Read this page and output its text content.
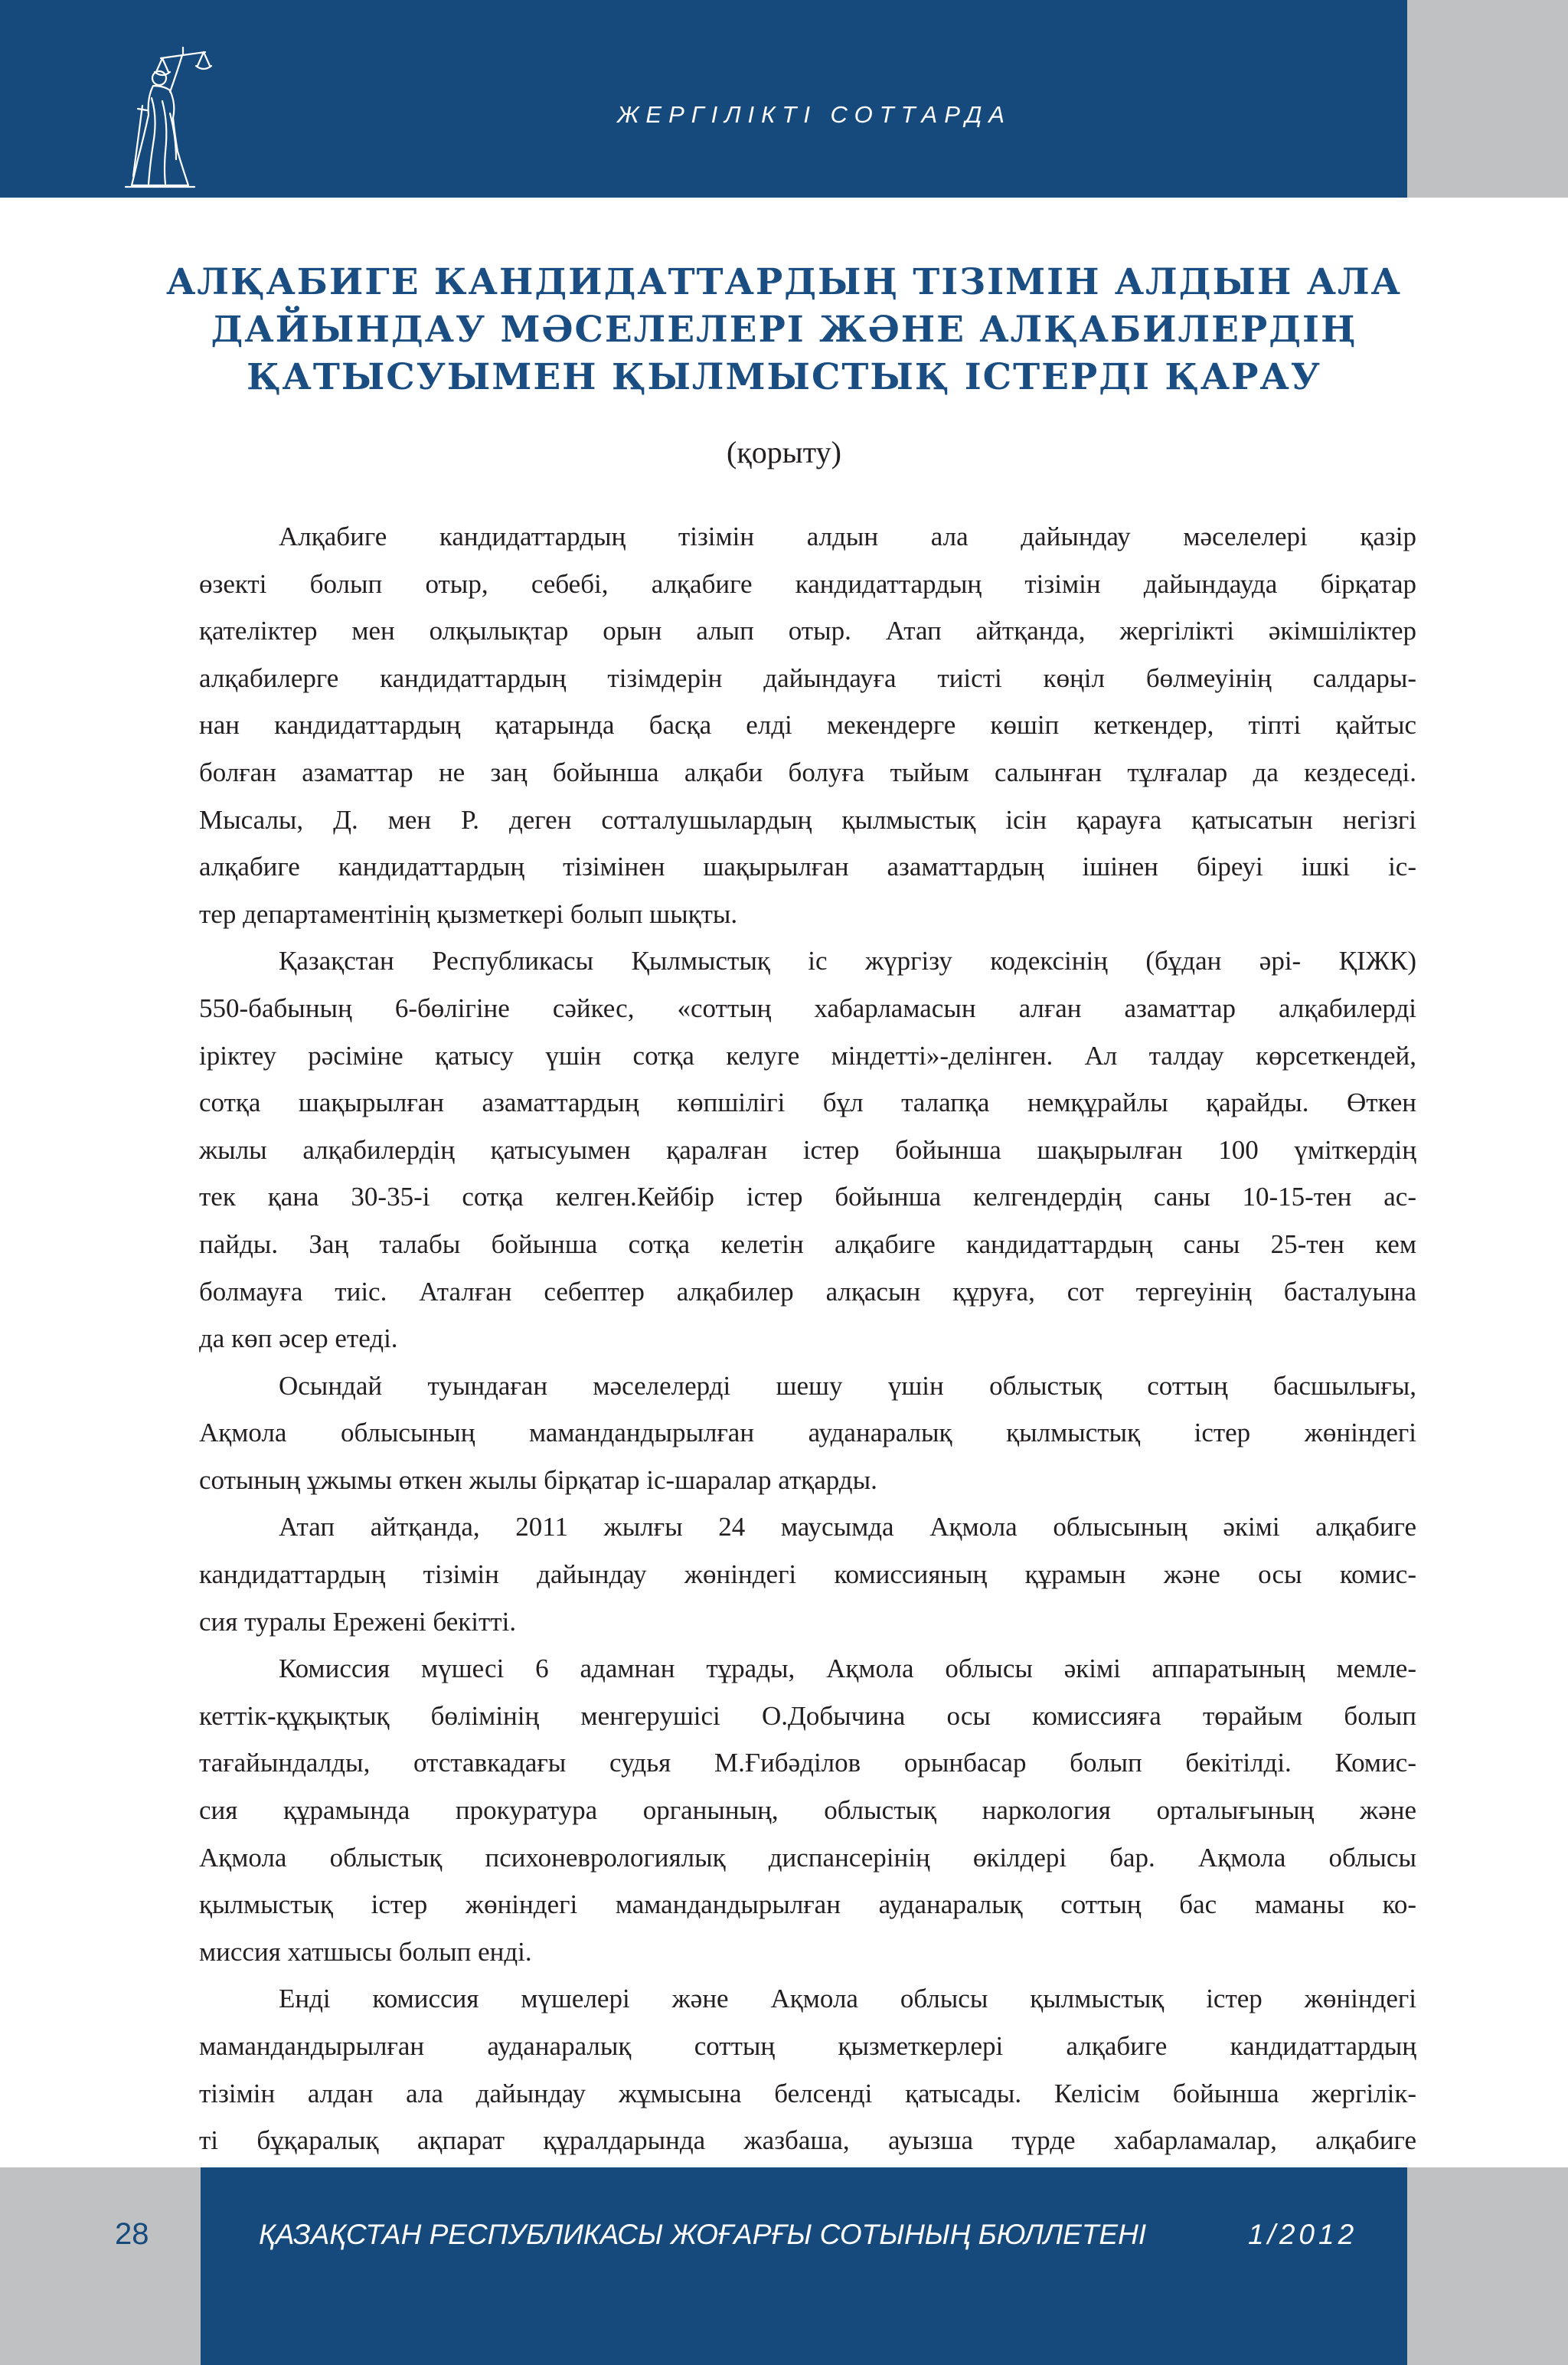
ЖЕРГІЛІКТІ СОТТАРДА
АЛҚАБИГЕ КАНДИДАТТАРДЫҢ ТІЗІМІН АЛДЫН АЛА
ДАЙЫНДАУ МӘСЕЛЕЛЕРІ ЖӘНЕ АЛҚАБИЛЕРДІҢ
ҚАТЫСУЫМЕН ҚЫЛМЫСТЫҚ ІСТЕРДІ ҚАРАУ
(қорыту)
Алқабиге кандидаттардың тізімін алдын ала дайындау мәселелері қазір
өзекті болып отыр, себебі, алқабиге кандидаттардың тізімін дайындауда бірқатар
қателіктер мен олқылықтар орын алып отыр. Атап айтқанда, жергілікті әкімшіліктер
алқабилерге кандидаттардың тізімдерін дайындауға тиісті көңіл бөлмеуінің салдары-
нан кандидаттардың қатарында басқа елді мекендерге көшіп кеткендер, тіпті қайтыс
болған азаматтар не заң бойынша алқаби болуға тыйым салынған тұлғалар да кездеседі.
Мысалы, Д. мен Р. деген сотталушылардың қылмыстық ісін қарауға қатысатын негізгі
алқабиге кандидаттардың тізімінен шақырылған азаматтардың ішінен біреуі ішкі іс-
тер департаментінің қызметкері болып шықты.
Қазақстан Республикасы Қылмыстық іс жүргізу кодексінің (бұдан әрі- ҚІЖК)
550-бабының 6-бөлігіне сәйкес, «соттың хабарламасын алған азаматтар алқабилерді
іріктеу рәсіміне қатысу үшін сотқа келуге міндетті»-делінген. Ал талдау көрсеткендей,
сотқа шақырылған азаматтардың көпшілігі бұл талапқа немқұрайлы қарайды. Өткен
жылы алқабилердің қатысуымен қаралған істер бойынша шақырылған 100 үміткердің
тек қана 30-35-і сотқа келген.Кейбір істер бойынша келгендердің саны 10-15-тен ас-
пайды. Заң талабы бойынша сотқа келетін алқабиге кандидаттардың саны 25-тен кем
болмауға тиіс. Аталған себептер алқабилер алқасын құруға, сот тергеуінің басталуына
да көп әсер етеді.
Осындай туындаған мәселелерді шешу үшін облыстық соттың басшылығы,
Ақмола облысының мамандандырылған ауданаралық қылмыстық істер жөніндегі
сотының ұжымы өткен жылы бірқатар іс-шаралар атқарды.
Атап айтқанда, 2011 жылғы 24 маусымда Ақмола облысының әкімі алқабиге
кандидаттардың тізімін дайындау жөніндегі комиссияның құрамын және осы комис-
сия туралы Ережені бекітті.
Комиссия мүшесі 6 адамнан тұрады, Ақмола облысы әкімі аппаратының мемле-
кеттік-құқықтық бөлімінің менгерушісі О.Добычина осы комиссияға төрайым болып
тағайындалды, отставкадағы судья М.Ғибәділов орынбасар болып бекітілді. Комис-
сия құрамында прокуратура органының, облыстық наркология орталығының және
Ақмола облыстық психоневрологиялық диспансерінің өкілдері бар. Ақмола облысы
қылмыстық істер жөніндегі мамандандырылған ауданаралық соттың бас маманы ко-
миссия хатшысы болып енді.
Енді комиссия мүшелері және Ақмола облысы қылмыстық істер жөніндегі
мамандандырылған ауданаралық соттың қызметкерлері алқабиге кандидаттардың
тізімін алдан ала дайындау жұмысына белсенді қатысады. Келісім бойынша жергілік-
ті бұқаралық ақпарат құралдарында жазбаша, ауызша түрде хабарламалар, алқабиге
28	ҚАЗАҚСТАН РЕСПУБЛИКАСЫ ЖОҒАРҒЫ СОТЫНЫҢ БЮЛЛЕТЕНІ	1/2012
